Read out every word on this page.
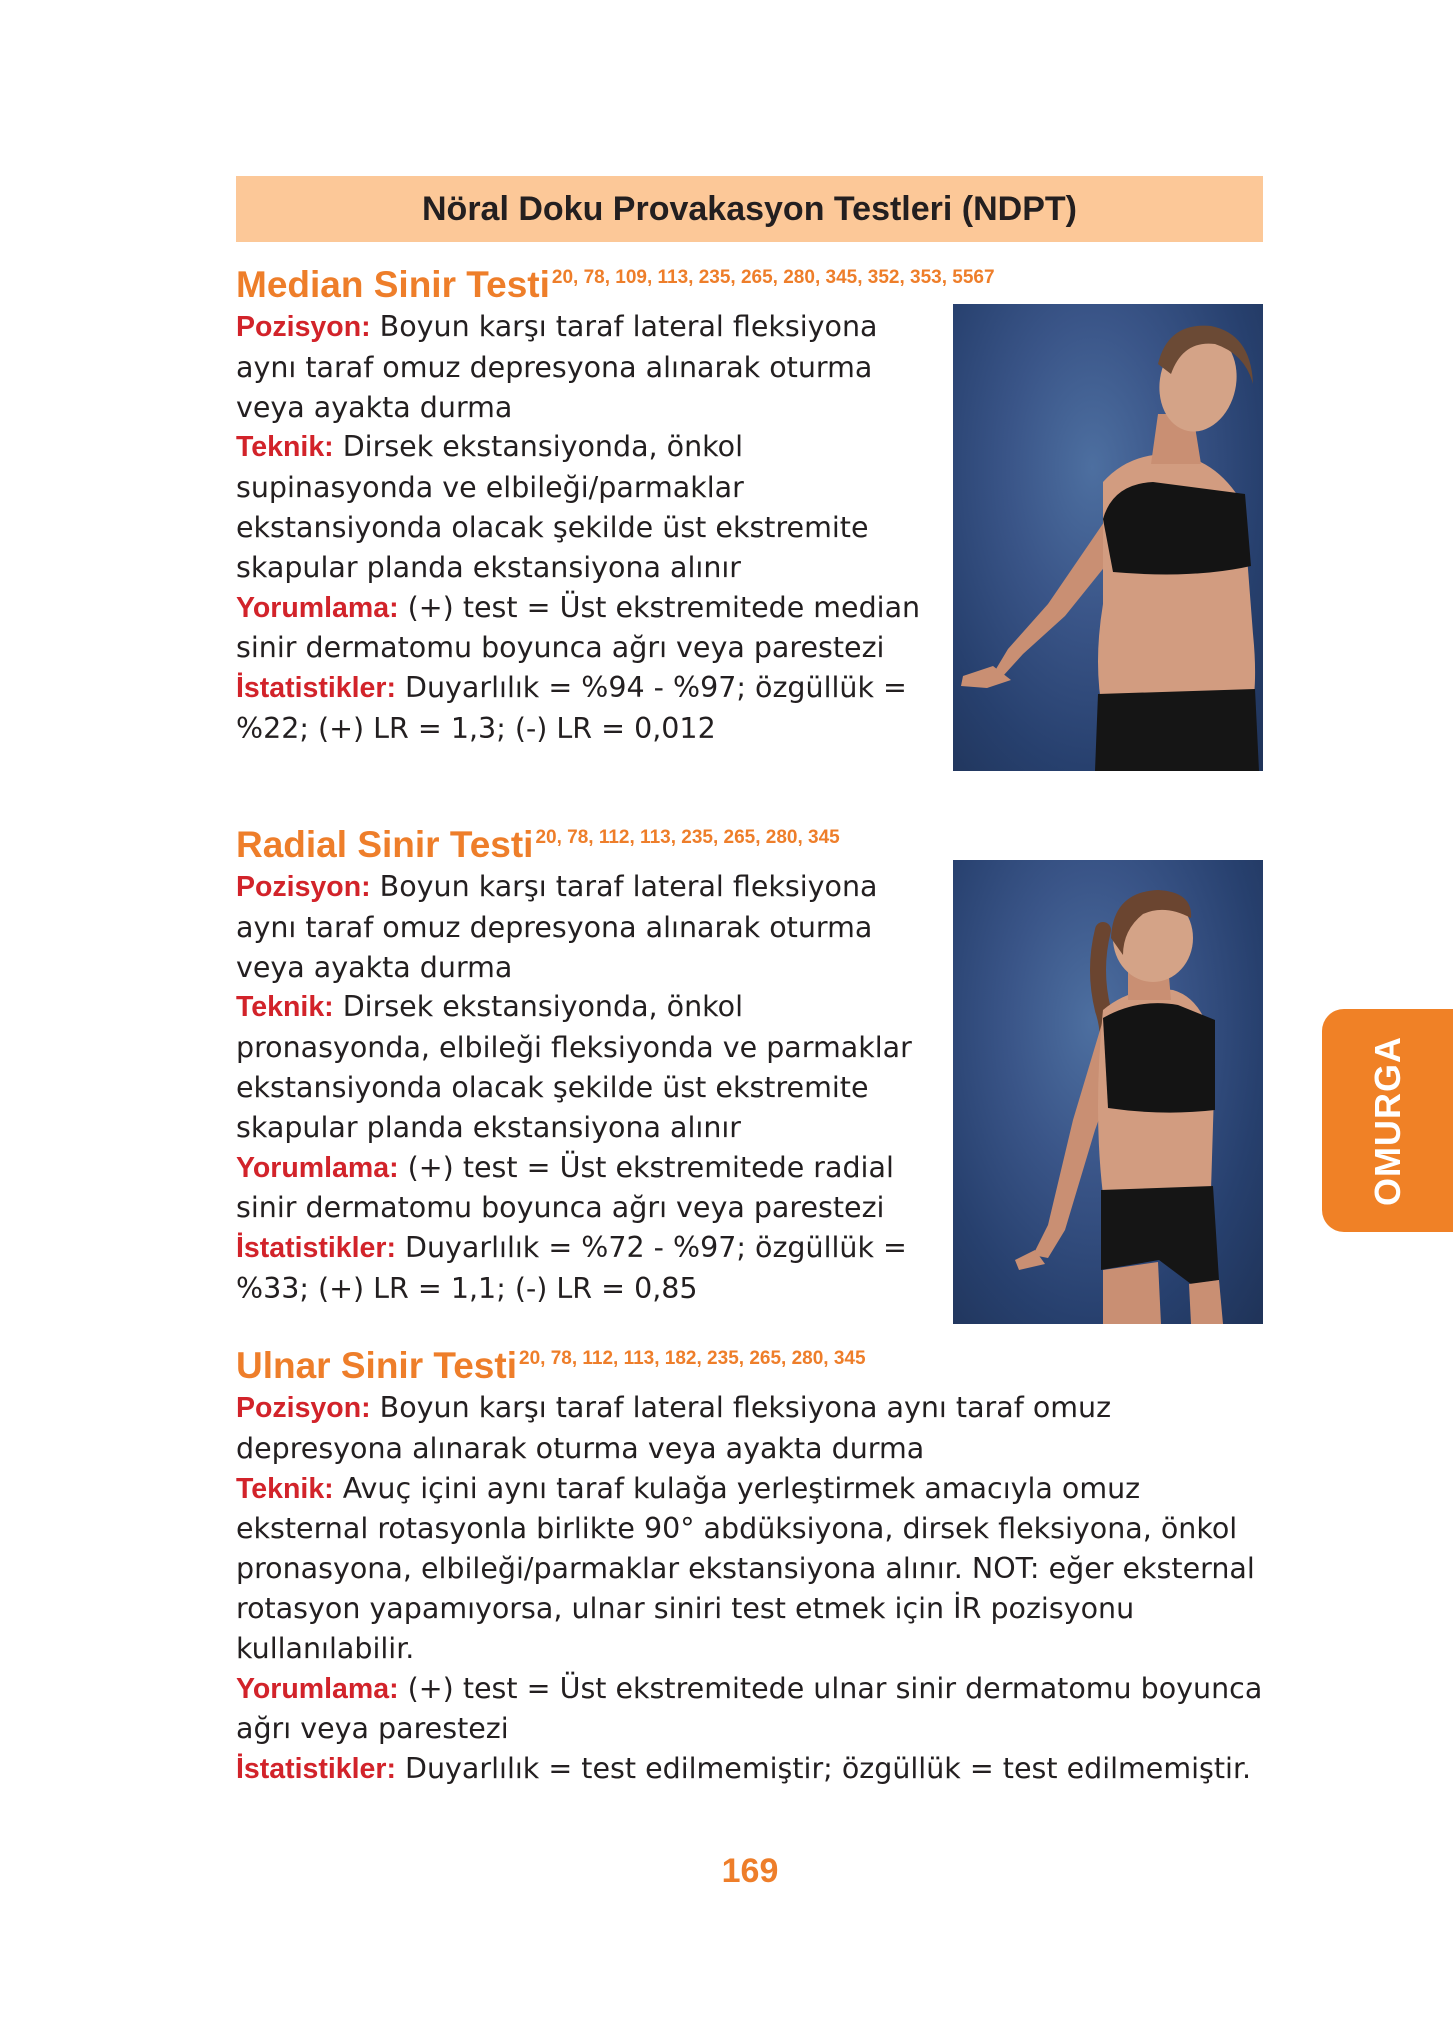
Nöral Doku Provakasyon Testleri (NDPT)
Median Sinir Testi $^{20, 78, 109, 113, 235, 265, 280, 345, 352, 353, 5567}$

Pozisyon: Boyun karşı taraf lateral fleksiyona aynı taraf omuz depresyona alınarak oturma veya ayakta durma

Teknik: Dirsek ekstansiyonda, önkol supinasyonda ve elbileği/parmaklar ekstansiyonda olacak şekilde üst ekstremite skapular planda ekstansiyona alınır

Yorumlama: (+) test = Üst ekstremitede median sinir dermatomu boyunca ağrı veya parestezi

İstatistikler: Duyarlılık = %94 - %97; özgüllük = %22; (+) LR = 1,3; (-) LR = 0,012

Radial Sinir Testi $^{20, 78, 112, 113, 235, 265, 280, 345}$

Pozisyon: Boyun karşı taraf lateral fleksiyona aynı taraf omuz depresyona alınarak oturma veya ayakta durma

Teknik: Dirsek ekstansiyonda, önkol pronasyonda, elbileği fleksiyonda ve parmaklar ekstansiyonda olacak şekilde üst ekstremite skapular planda ekstansiyona alınır

Yorumlama: (+) test = Üst ekstremitede radial sinir dermatomu boyunca ağrı veya parestezi

İstatistikler: Duyarlılık = %72 - %97; özgüllük = %33; (+) LR = 1,1; (-) LR = 0,85

Ulnar Sinir Testi $^{20, 78, 112, 113, 182, 235, 265, 280, 345}$

Pozisyon: Boyun karşı taraf lateral fleksiyona aynı taraf omuz depresyona alınarak oturma veya ayakta durma

Teknik: Avuç içini aynı taraf kulağa yerleştirmek amacıyla omuz eksternal rotasyonla birlikte 90° abdüksiyona, dirsek fleksiyona, önkol pronasyona, elbileği/parmaklar ekstansiyona alınır. NOT: eğer eksternal rotasyon yapamıyorsa, ulnar siniri test etmek için İR pozisyonu kullanılabilir.

Yorumlama: (+) test = Üst ekstremitede ulnar sinir dermatomu boyunca ağrı veya parestezi

İstatistikler: Duyarlılık = test edilmemiştir; özgüllük = test edilmemiştir.

OMURGA
169
